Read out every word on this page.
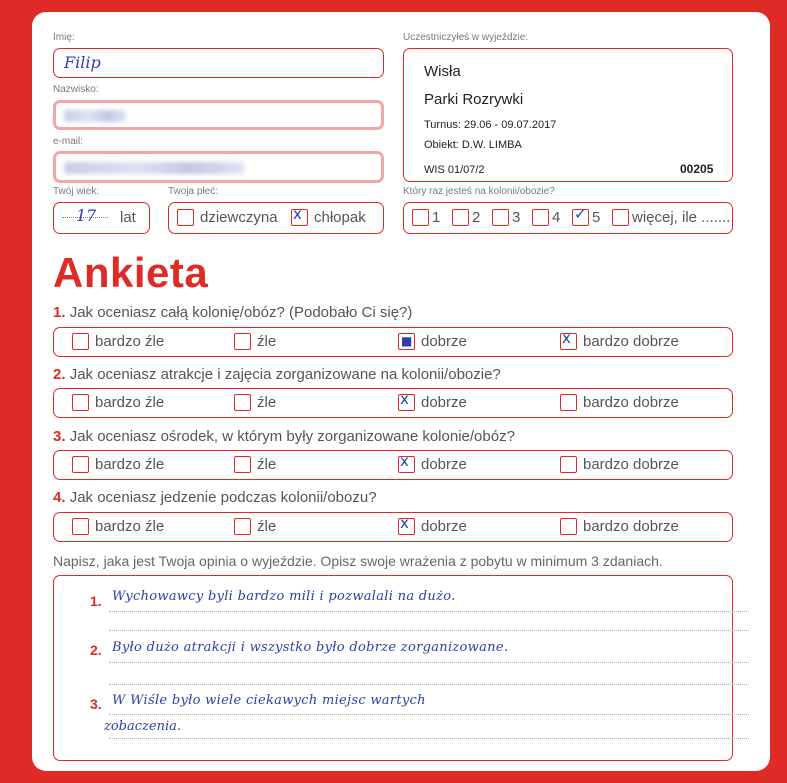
Imię:
Filip
Nazwisko:
e-mail:
Twój wiek:
17 lat
Twoja płeć:
dziewczyna x chłopak
Uczestniczyłeś w wyjeździe:
Wisła
Parki Rozrywki
Turnus: 29.06 - 09.07.2017
Obiekt: D.W. LIMBA
WIS 01/07/2	00205
Który raz jesteś na kolonii/obozie?
1	2	3	4 ✓ 5	więcej, ile .......
Ankieta
1. Jak oceniasz całą kolonię/obóz? (Podobało Ci się?)
bardzo źle	źle	■ dobrze	x bardzo dobrze
2. Jak oceniasz atrakcje i zajęcia zorganizowane na kolonii/obozie?
bardzo źle	źle	x dobrze	bardzo dobrze
3. Jak oceniasz ośrodek, w którym były zorganizowane kolonie/obóz?
bardzo źle	źle	x dobrze	bardzo dobrze
4. Jak oceniasz jedzenie podczas kolonii/obozu?
bardzo źle	źle	x dobrze	bardzo dobrze
Napisz, jaka jest Twoja opinia o wyjeździe. Opisz swoje wrażenia z pobytu w minimum 3 zdaniach.
1. Wychowawcy byli bardzo mili i pozwalali na dużo.
2. Było dużo atrakcji i wszystko było dobrze zorganizowane.
3. W Wiśle było wiele ciekawych miejsc wartych
zobaczenia.
